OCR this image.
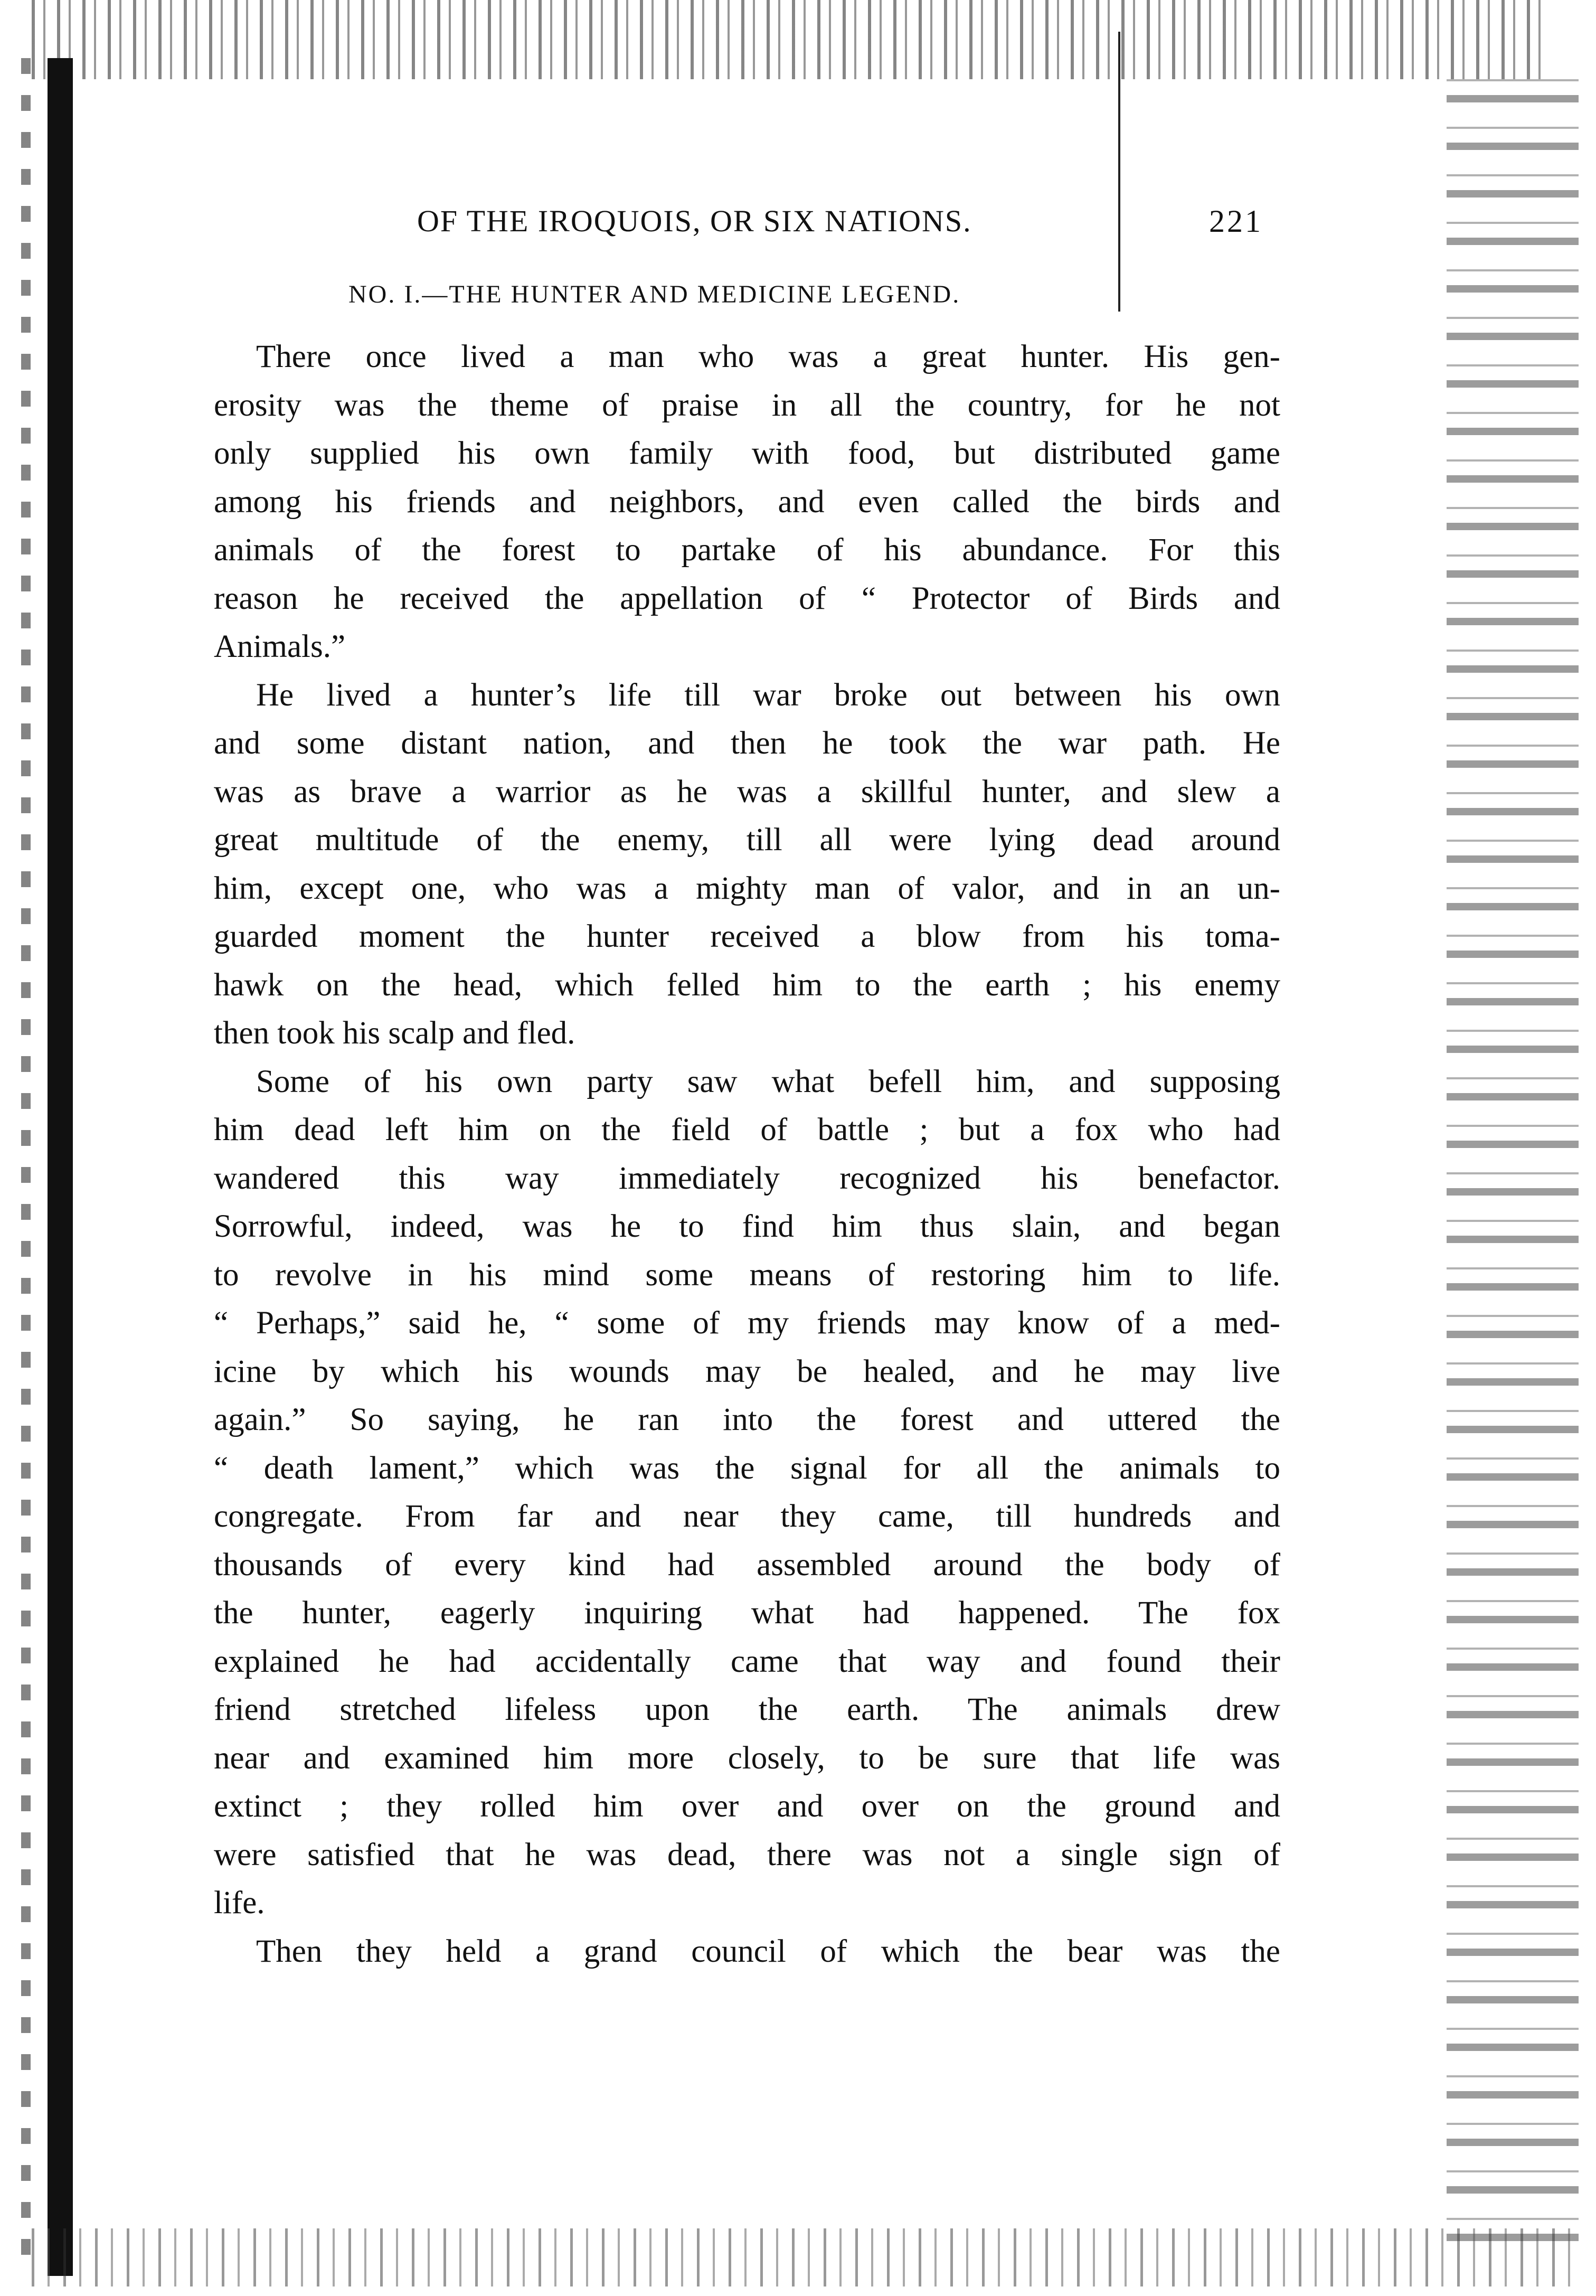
OF THE IROQUOIS, OR SIX NATIONS.	221
NO. I.—THE HUNTER AND MEDICINE LEGEND.
There once lived a man who was a great hunter. His gen-
erosity was the theme of praise in all the country, for he not
only supplied his own family with food, but distributed game
among his friends and neighbors, and even called the birds and
animals of the forest to partake of his abundance. For this
reason he received the appellation of “ Protector of Birds and
Animals.”
He lived a hunter’s life till war broke out between his own
and some distant nation, and then he took the war path. He
was as brave a warrior as he was a skillful hunter, and slew a
great multitude of the enemy, till all were lying dead around
him, except one, who was a mighty man of valor, and in an un-
guarded moment the hunter received a blow from his toma-
hawk on the head, which felled him to the earth ; his enemy
then took his scalp and fled.
Some of his own party saw what befell him, and supposing
him dead left him on the field of battle ; but a fox who had
wandered this way immediately recognized his benefactor.
Sorrowful, indeed, was he to find him thus slain, and began
to revolve in his mind some means of restoring him to life.
“ Perhaps,” said he, “ some of my friends may know of a med-
icine by which his wounds may be healed, and he may live
again.” So saying, he ran into the forest and uttered the
“ death lament,” which was the signal for all the animals to
congregate. From far and near they came, till hundreds and
thousands of every kind had assembled around the body of
the hunter, eagerly inquiring what had happened. The fox
explained he had accidentally came that way and found their
friend stretched lifeless upon the earth. The animals drew
near and examined him more closely, to be sure that life was
extinct ; they rolled him over and over on the ground and
were satisfied that he was dead, there was not a single sign of
life.
Then they held a grand council of which the bear was the
